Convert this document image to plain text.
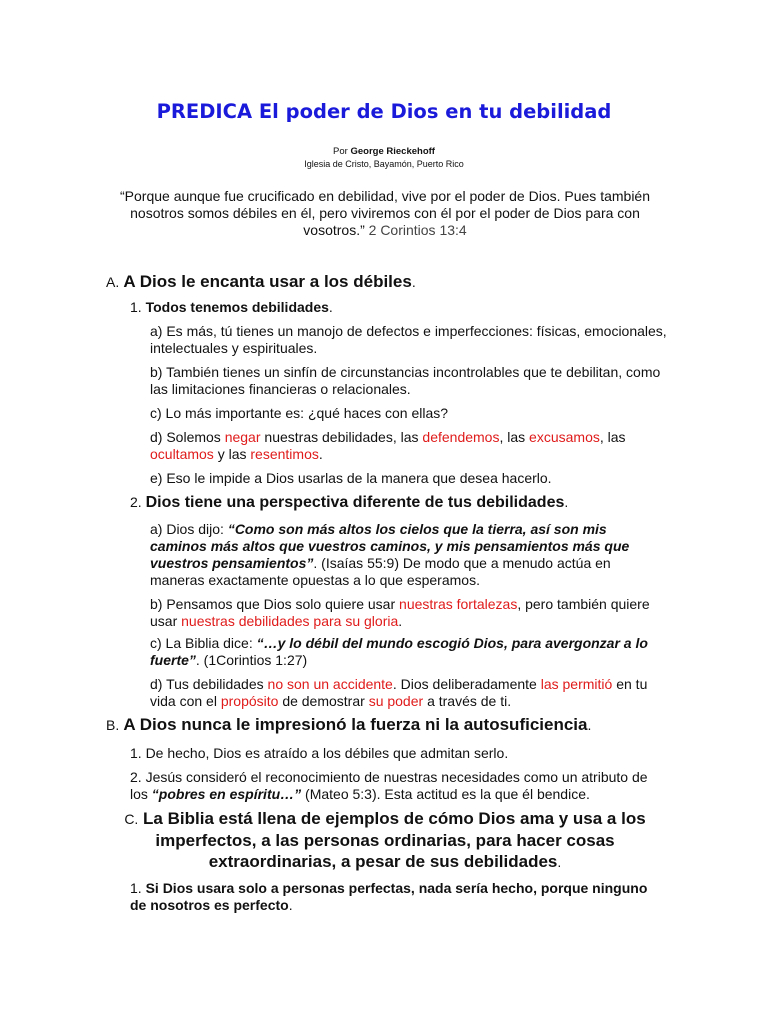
PREDICA El poder de Dios en tu debilidad
Por George Rieckehoff
Iglesia de Cristo, Bayamón, Puerto Rico
“Porque aunque fue crucificado en debilidad, vive por el poder de Dios. Pues también nosotros somos débiles en él, pero viviremos con él por el poder de Dios para con vosotros.” 2 Corintios 13:4
A. A Dios le encanta usar a los débiles.
1. Todos tenemos debilidades.
a) Es más, tú tienes un manojo de defectos e imperfecciones: físicas, emocionales, intelectuales y espirituales.
b) También tienes un sinfín de circunstancias incontrolables que te debilitan, como las limitaciones financieras o relacionales.
c) Lo más importante es: ¿qué haces con ellas?
d) Solemos negar nuestras debilidades, las defendemos, las excusamos, las ocultamos y las resentimos.
e) Eso le impide a Dios usarlas de la manera que desea hacerlo.
2. Dios tiene una perspectiva diferente de tus debilidades.
a) Dios dijo: “Como son más altos los cielos que la tierra, así son mis caminos más altos que vuestros caminos, y mis pensamientos más que vuestros pensamientos”. (Isaías 55:9) De modo que a menudo actúa en maneras exactamente opuestas a lo que esperamos.
b) Pensamos que Dios solo quiere usar nuestras fortalezas, pero también quiere usar nuestras debilidades para su gloria.
c) La Biblia dice: “…y lo débil del mundo escogió Dios, para avergonzar a lo fuerte”. (1Corintios 1:27)
d) Tus debilidades no son un accidente. Dios deliberadamente las permitió en tu vida con el propósito de demostrar su poder a través de ti.
B. A Dios nunca le impresionó la fuerza ni la autosuficiencia.
1. De hecho, Dios es atraído a los débiles que admitan serlo.
2. Jesús consideró el reconocimiento de nuestras necesidades como un atributo de los “pobres en espíritu…” (Mateo 5:3). Esta actitud es la que él bendice.
C. La Biblia está llena de ejemplos de cómo Dios ama y usa a los imperfectos, a las personas ordinarias, para hacer cosas extraordinarias, a pesar de sus debilidades.
1. Si Dios usara solo a personas perfectas, nada sería hecho, porque ninguno de nosotros es perfecto.
